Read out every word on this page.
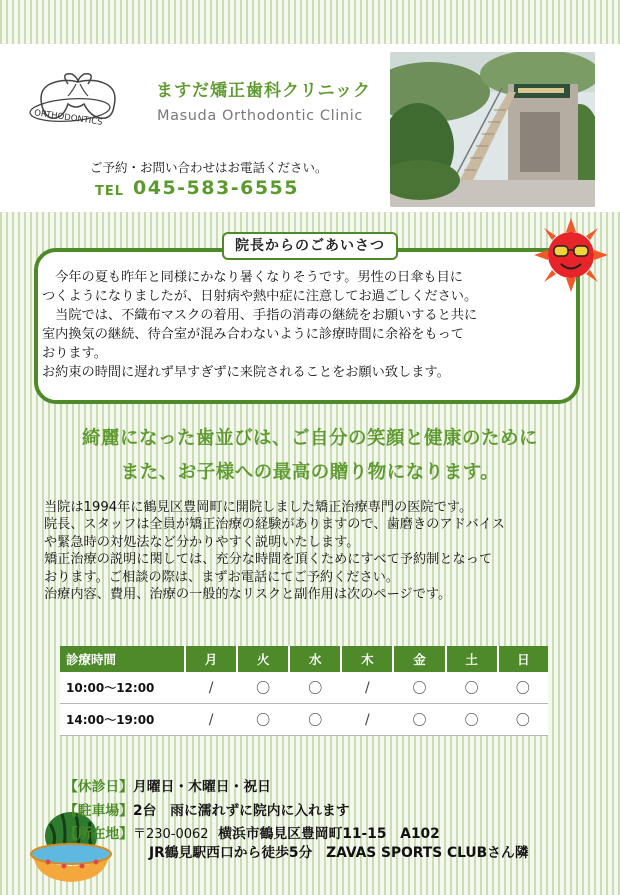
ORTHODONTICS
ますだ矯正歯科クリニック
Masuda Orthodontic Clinic
ご予約・お問い合わせはお電話ください。
TEL 045-583-6555
院長からのごあいさつ

　今年の夏も昨年と同様にかなり暑くなりそうです。男性の日傘も目に

つくようになりましたが、日射病や熱中症に注意してお過ごしください。

　当院では、不織布マスクの着用、手指の消毒の継続をお願いすると共に

室内換気の継続、待合室が混み合わないように診療時間に余裕をもって

おります。

お約束の時間に遅れず早すぎずに来院されることをお願い致します。

綺麗になった歯並びは、ご自分の笑顔と健康のために

また、お子様への最高の贈り物になります。

当院は1994年に鶴見区豊岡町に開院しました矯正治療専門の医院です。

院長、スタッフは全員が矯正治療の経験がありますので、歯磨きのアドバイス

や緊急時の対処法など分かりやすく説明いたします。

矯正治療の説明に関しては、充分な時間を頂くためにすべて予約制となって

おります。ご相談の際は、まずお電話にてご予約ください。

治療内容、費用、治療の一般的なリスクと副作用は次のページです。

診療時間	月	火	水	木	金	土	日
10:00〜12:00	/	〇	〇	/	〇	〇	〇
14:00〜19:00	/	〇	〇	/	〇	〇	〇

【休診日】月曜日・木曜日・祝日

【駐車場】2台　雨に濡れずに院内に入れます

【所在地】〒230-0062 横浜市鶴見区豊岡町11-15　A102

JR鶴見駅西口から徒歩5分　ZAVAS SPORTS CLUBさん隣
